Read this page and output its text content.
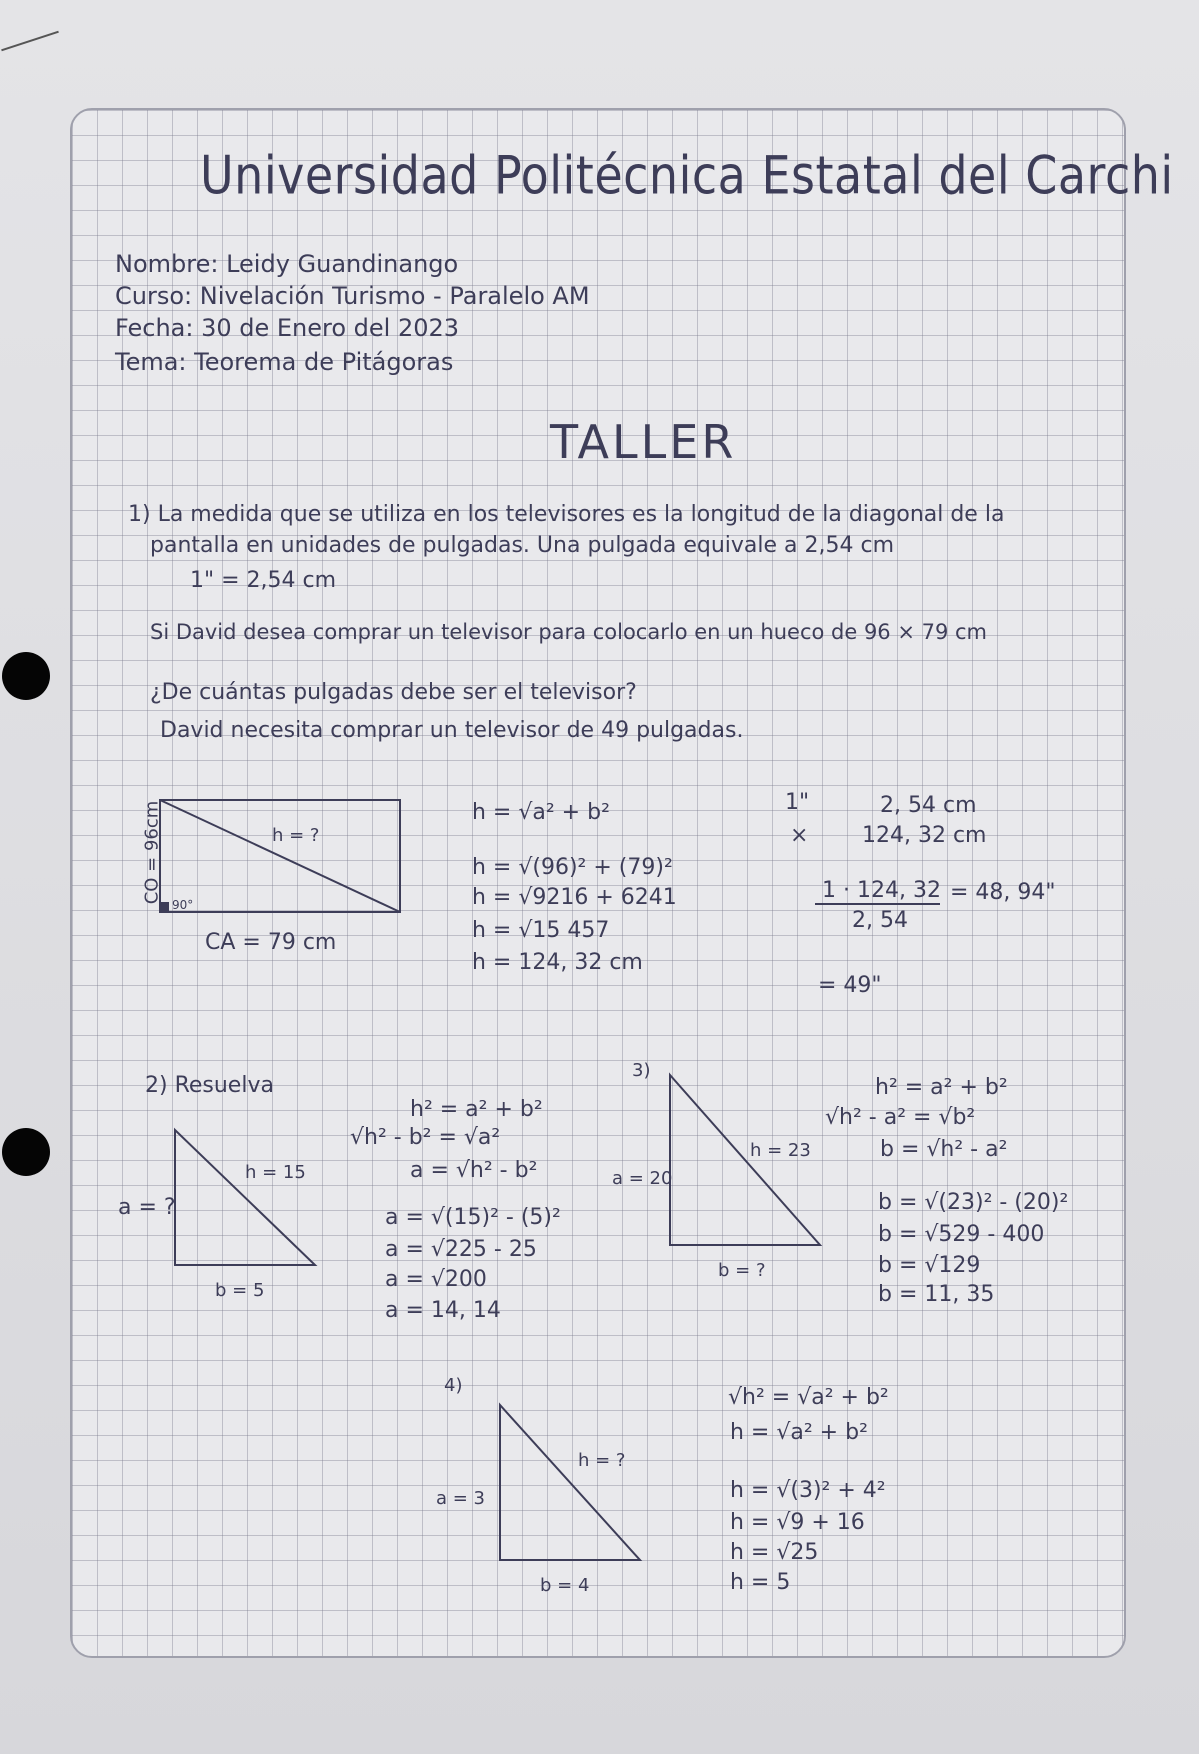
Universidad Politécnica Estatal del Carchi
Nombre: Leidy Guandinango
Curso: Nivelación Turismo - Paralelo AM
Fecha: 30 de Enero del 2023
Tema: Teorema de Pitágoras
TALLER
1) La medida que se utiliza en los televisores es la longitud de la diagonal de la
pantalla en unidades de pulgadas. Una pulgada equivale a 2,54 cm
1" = 2,54 cm
Si David desea comprar un televisor para colocarlo en un hueco de 96 × 79 cm
¿De cuántas pulgadas debe ser el televisor?
David necesita comprar un televisor de 49 pulgadas.
h = ?
90°
CO = 96cm
CA = 79 cm
h = √a² + b²
h = √(96)² + (79)²
h = √9216 + 6241
h = √15 457
h = 124, 32 cm
1"	2, 54 cm
× 124, 32 cm
1 · 124, 32
2, 54
= 48, 94"
= 49"
2) Resuelva
h = 15
a = ?
b = 5
h² = a² + b²
√h² - b² = √a²
a = √h² - b²
a = √(15)² - (5)²
a = √225 - 25
a = √200
a = 14, 14
3)
h = 23
a = 20
b = ?
h² = a² + b²
√h² - a² = √b²
b = √h² - a²
b = √(23)² - (20)²
b = √529 - 400
b = √129
b = 11, 35
4)
h = ?
a = 3
b = 4
√h² = √a² + b²
h = √a² + b²
h = √(3)² + 4²
h = √9 + 16
h = √25
h = 5
